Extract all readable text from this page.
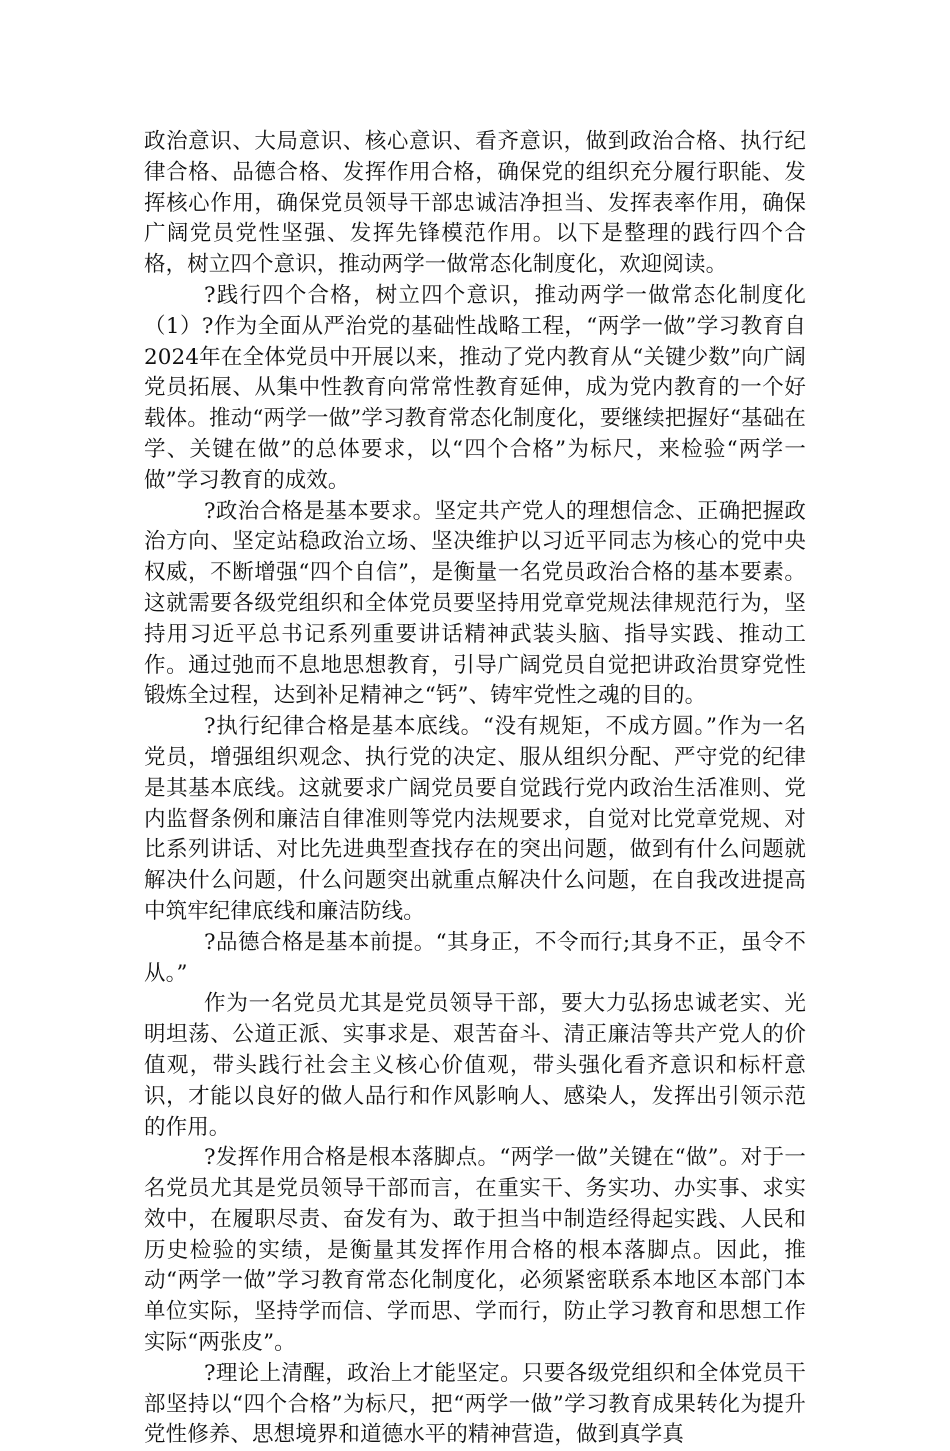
政治意识、大局意识、核心意识、看齐意识，做到政治合格、执行纪律合格、品德合格、发挥作用合格，确保党的组织充分履行职能、发挥核心作用，确保党员领导干部忠诚洁净担当、发挥表率作用，确保广阔党员党性坚强、发挥先锋模范作用。以下是整理的践行四个合格，树立四个意识，推动两学一做常态化制度化，欢迎阅读。

?践行四个合格，树立四个意识，推动两学一做常态化制度化（1）?作为全面从严治党的基础性战略工程，“两学一做”学习教育自2024年在全体党员中开展以来，推动了党内教育从“关键少数”向广阔党员拓展、从集中性教育向常常性教育延伸，成为党内教育的一个好载体。推动“两学一做”学习教育常态化制度化，要继续把握好“基础在学、关键在做”的总体要求，以“四个合格”为标尺，来检验“两学一做”学习教育的成效。

?政治合格是基本要求。坚定共产党人的理想信念、正确把握政治方向、坚定站稳政治立场、坚决维护以习近平同志为核心的党中央权威，不断增强“四个自信”，是衡量一名党员政治合格的基本要素。这就需要各级党组织和全体党员要坚持用党章党规法律规范行为，坚持用习近平总书记系列重要讲话精神武装头脑、指导实践、推动工作。通过弛而不息地思想教育，引导广阔党员自觉把讲政治贯穿党性锻炼全过程，达到补足精神之“钙”、铸牢党性之魂的目的。

?执行纪律合格是基本底线。“没有规矩，不成方圆。”作为一名党员，增强组织观念、执行党的决定、服从组织分配、严守党的纪律是其基本底线。这就要求广阔党员要自觉践行党内政治生活准则、党内监督条例和廉洁自律准则等党内法规要求，自觉对比党章党规、对比系列讲话、对比先进典型查找存在的突出问题，做到有什么问题就解决什么问题，什么问题突出就重点解决什么问题，在自我改进提高中筑牢纪律底线和廉洁防线。

?品德合格是基本前提。“其身正，不令而行;其身不正，虽令不从。”

作为一名党员尤其是党员领导干部，要大力弘扬忠诚老实、光明坦荡、公道正派、实事求是、艰苦奋斗、清正廉洁等共产党人的价值观，带头践行社会主义核心价值观，带头强化看齐意识和标杆意识，才能以良好的做人品行和作风影响人、感染人，发挥出引领示范的作用。

?发挥作用合格是根本落脚点。“两学一做”关键在“做”。对于一名党员尤其是党员领导干部而言，在重实干、务实功、办实事、求实效中，在履职尽责、奋发有为、敢于担当中制造经得起实践、人民和历史检验的实绩，是衡量其发挥作用合格的根本落脚点。因此，推动“两学一做”学习教育常态化制度化，必须紧密联系本地区本部门本单位实际，坚持学而信、学而思、学而行，防止学习教育和思想工作实际“两张皮”。

?理论上清醒，政治上才能坚定。只要各级党组织和全体党员干部坚持以“四个合格”为标尺，把“两学一做”学习教育成果转化为提升党性修养、思想境界和道德水平的精神营造，做到真学真
